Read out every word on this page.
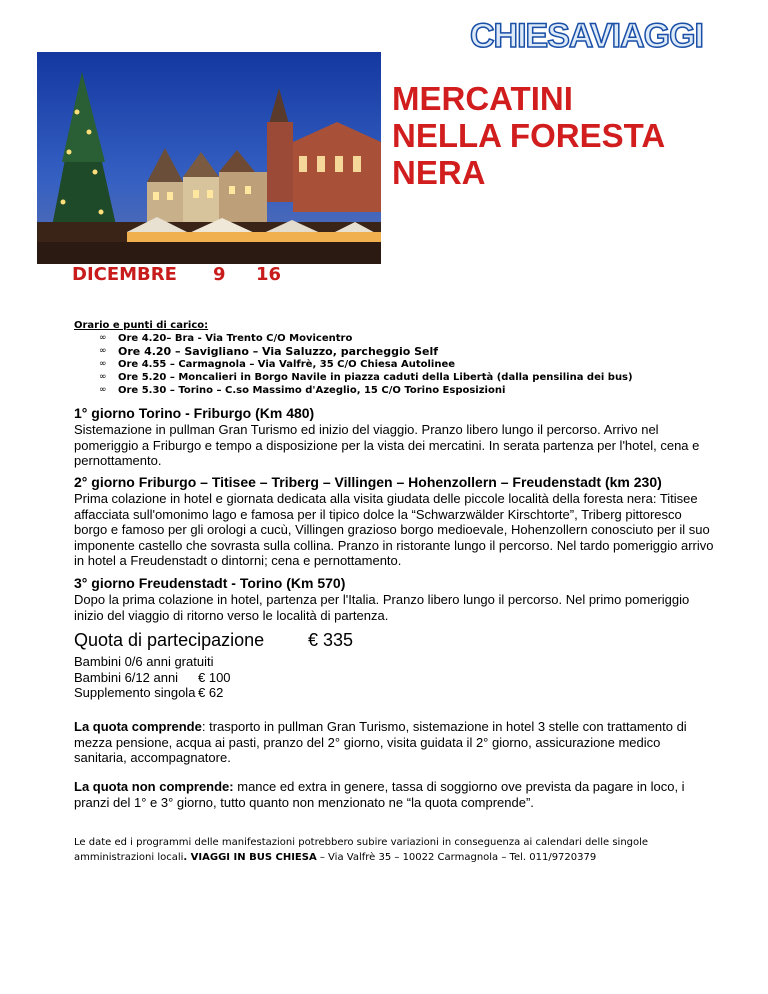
CHIESAVIAGGI
MERCATINI
NELLA FORESTA
NERA

DICEMBRE

9

16

Orario e punti di carico:
∞ Ore 4.20– Bra - Via Trento C/O Movicentro
∞ Ore 4.20 – Savigliano – Via Saluzzo, parcheggio Self
∞ Ore 4.55 – Carmagnola – Via Valfrè, 35 C/O Chiesa Autolinee
∞ Ore 5.20 – Moncalieri in Borgo Navile in piazza caduti della Libertà (dalla pensilina dei bus)
∞ Ore 5.30 – Torino – C.so Massimo d'Azeglio, 15 C/O Torino Esposizioni
1° giorno Torino - Friburgo (Km 480)

Sistemazione in pullman Gran Turismo ed inizio del viaggio. Pranzo libero lungo il percorso. Arrivo nel pomeriggio a Friburgo e tempo a disposizione per la vista dei mercatini. In serata partenza per l'hotel, cena e pernottamento.

2° giorno Friburgo – Titisee – Triberg – Villingen – Hohenzollern – Freudenstadt (km 230)

Prima colazione in hotel e giornata dedicata alla visita giudata delle piccole località della foresta nera: Titisee affacciata sull'omonimo lago e famosa per il tipico dolce la “Schwarzwälder Kirschtorte”, Triberg pittoresco borgo e famoso per gli orologi a cucù, Villingen grazioso borgo medioevale, Hohenzollern conosciuto per il suo imponente castello che sovrasta sulla collina. Pranzo in ristorante lungo il percorso. Nel tardo pomeriggio arrivo in hotel a Freudenstadt o dintorni; cena e pernottamento.

3° giorno Freudenstadt - Torino (Km 570)

Dopo la prima colazione in hotel, partenza per l'Italia. Pranzo libero lungo il percorso. Nel primo pomeriggio inizio del viaggio di ritorno verso le località di partenza.

Quota di partecipazione € 335
Bambini 0/6 anni gratuiti
Bambini 6/12 anni € 100
Supplemento singola € 62
La quota comprende: trasporto in pullman Gran Turismo, sistemazione in hotel 3 stelle con trattamento di mezza pensione, acqua ai pasti, pranzo del 2° giorno, visita guidata il 2° giorno, assicurazione medico sanitaria, accompagnatore.
La quota non comprende: mance ed extra in genere, tassa di soggiorno ove prevista da pagare in loco, i pranzi del 1° e 3° giorno, tutto quanto non menzionato ne “la quota comprende”.
Le date ed i programmi delle manifestazioni potrebbero subire variazioni in conseguenza ai calendari delle singole amministrazioni locali. VIAGGI IN BUS CHIESA – Via Valfrè 35 – 10022 Carmagnola – Tel. 011/9720379
